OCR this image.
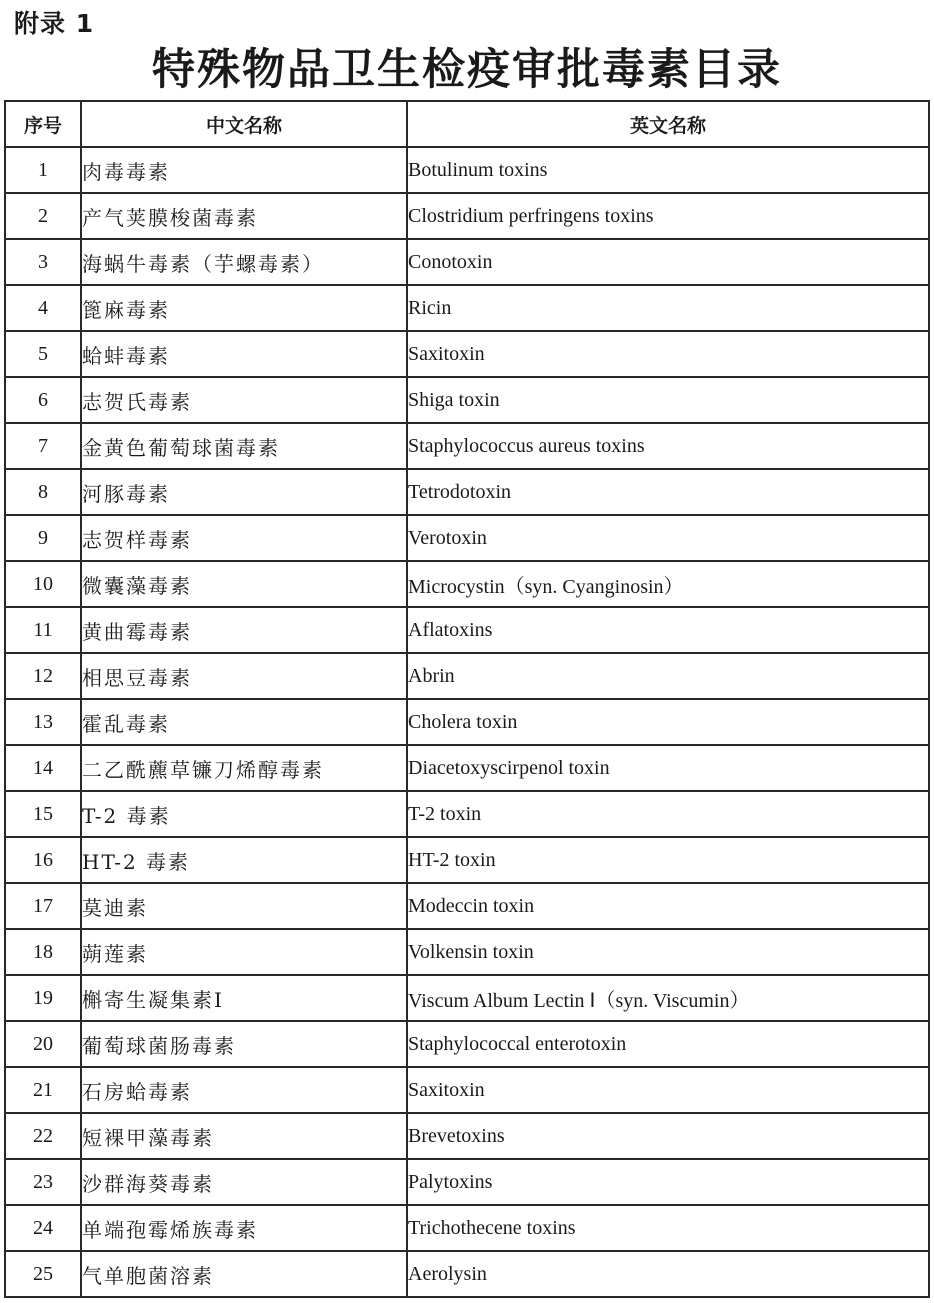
附录 1
特殊物品卫生检疫审批毒素目录
序号	中文名称	英文名称
1	肉毒毒素	Botulinum toxins
2	产气荚膜梭菌毒素	Clostridium perfringens toxins
3	海蜗牛毒素（芋螺毒素）	Conotoxin
4	篦麻毒素	Ricin
5	蛤蚌毒素	Saxitoxin
6	志贺氏毒素	Shiga toxin
7	金黄色葡萄球菌毒素	Staphylococcus aureus toxins
8	河豚毒素	Tetrodotoxin
9	志贺样毒素	Verotoxin
10	微囊藻毒素	Microcystin（syn. Cyanginosin）
11	黄曲霉毒素	Aflatoxins
12	相思豆毒素	Abrin
13	霍乱毒素	Cholera toxin
14	二乙酰藨草镰刀烯醇毒素	Diacetoxyscirpenol toxin
15	T-2 毒素	T-2 toxin
16	HT-2 毒素	HT-2 toxin
17	莫迪素	Modeccin toxin
18	蒴莲素	Volkensin toxin
19	槲寄生凝集素Ⅰ	Viscum Album Lectin Ⅰ（syn. Viscumin）
20	葡萄球菌肠毒素	Staphylococcal enterotoxin
21	石房蛤毒素	Saxitoxin
22	短裸甲藻毒素	Brevetoxins
23	沙群海葵毒素	Palytoxins
24	单端孢霉烯族毒素	Trichothecene toxins
25	气单胞菌溶素	Aerolysin
